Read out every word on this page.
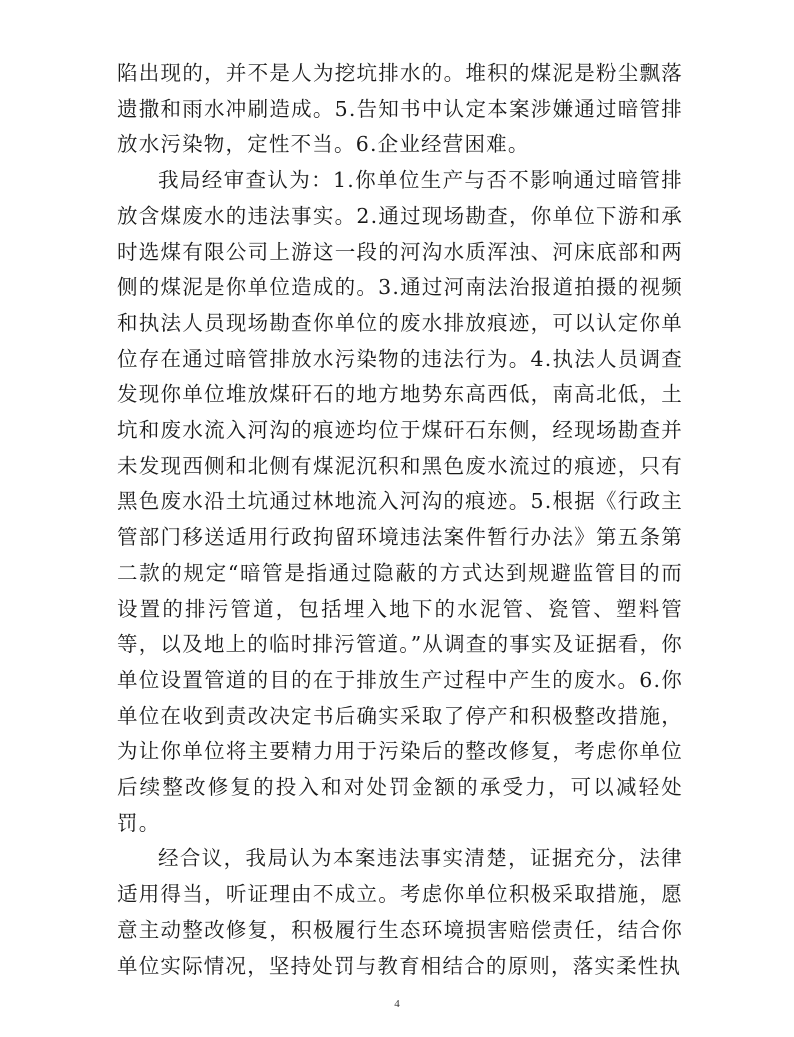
陷出现的，并不是人为挖坑排水的。堆积的煤泥是粉尘飘落遗撒和雨水冲刷造成。5.告知书中认定本案涉嫌通过暗管排放水污染物，定性不当。6.企业经营困难。

我局经审查认为：1.你单位生产与否不影响通过暗管排放含煤废水的违法事实。2.通过现场勘查，你单位下游和承时选煤有限公司上游这一段的河沟水质浑浊、河床底部和两侧的煤泥是你单位造成的。3.通过河南法治报道拍摄的视频和执法人员现场勘查你单位的废水排放痕迹，可以认定你单位存在通过暗管排放水污染物的违法行为。4.执法人员调查发现你单位堆放煤矸石的地方地势东高西低，南高北低，土坑和废水流入河沟的痕迹均位于煤矸石东侧，经现场勘查并未发现西侧和北侧有煤泥沉积和黑色废水流过的痕迹，只有黑色废水沿土坑通过林地流入河沟的痕迹。5.根据《行政主管部门移送适用行政拘留环境违法案件暂行办法》第五条第二款的规定“暗管是指通过隐蔽的方式达到规避监管目的而设置的排污管道，包括埋入地下的水泥管、瓷管、塑料管等，以及地上的临时排污管道。”从调查的事实及证据看，你单位设置管道的目的在于排放生产过程中产生的废水。6.你单位在收到责改决定书后确实采取了停产和积极整改措施，为让你单位将主要精力用于污染后的整改修复，考虑你单位后续整改修复的投入和对处罚金额的承受力，可以减轻处罚。

经合议，我局认为本案违法事实清楚，证据充分，法律适用得当，听证理由不成立。考虑你单位积极采取措施，愿意主动整改修复，积极履行生态环境损害赔偿责任，结合你单位实际情况，坚持处罚与教育相结合的原则，落实柔性执

4
